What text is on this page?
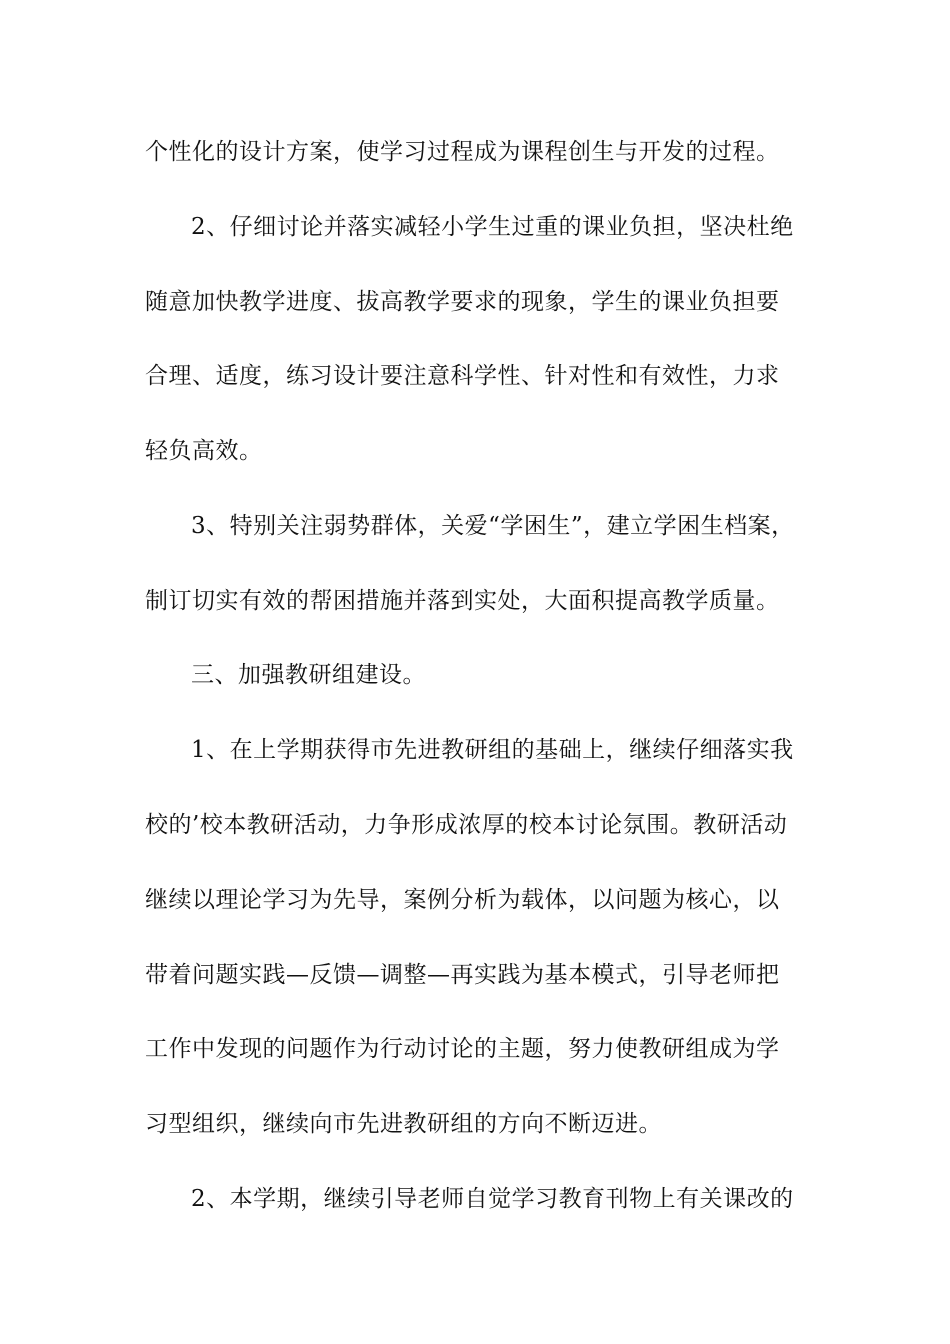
个性化的设计方案，使学习过程成为课程创生与开发的过程。
2、仔细讨论并落实减轻小学生过重的课业负担，坚决杜绝
随意加快教学进度、拔高教学要求的现象，学生的课业负担要
合理、适度，练习设计要注意科学性、针对性和有效性，力求
轻负高效。
3、特别关注弱势群体，关爱“学困生”，建立学困生档案，
制订切实有效的帮困措施并落到实处，大面积提高教学质量。
三、加强教研组建设。
1、在上学期获得市先进教研组的基础上，继续仔细落实我
校的’校本教研活动，力争形成浓厚的校本讨论氛围。教研活动
继续以理论学习为先导，案例分析为载体，以问题为核心，以
带着问题实践—反馈—调整—再实践为基本模式，引导老师把
工作中发现的问题作为行动讨论的主题，努力使教研组成为学
习型组织，继续向市先进教研组的方向不断迈进。
2、本学期，继续引导老师自觉学习教育刊物上有关课改的
